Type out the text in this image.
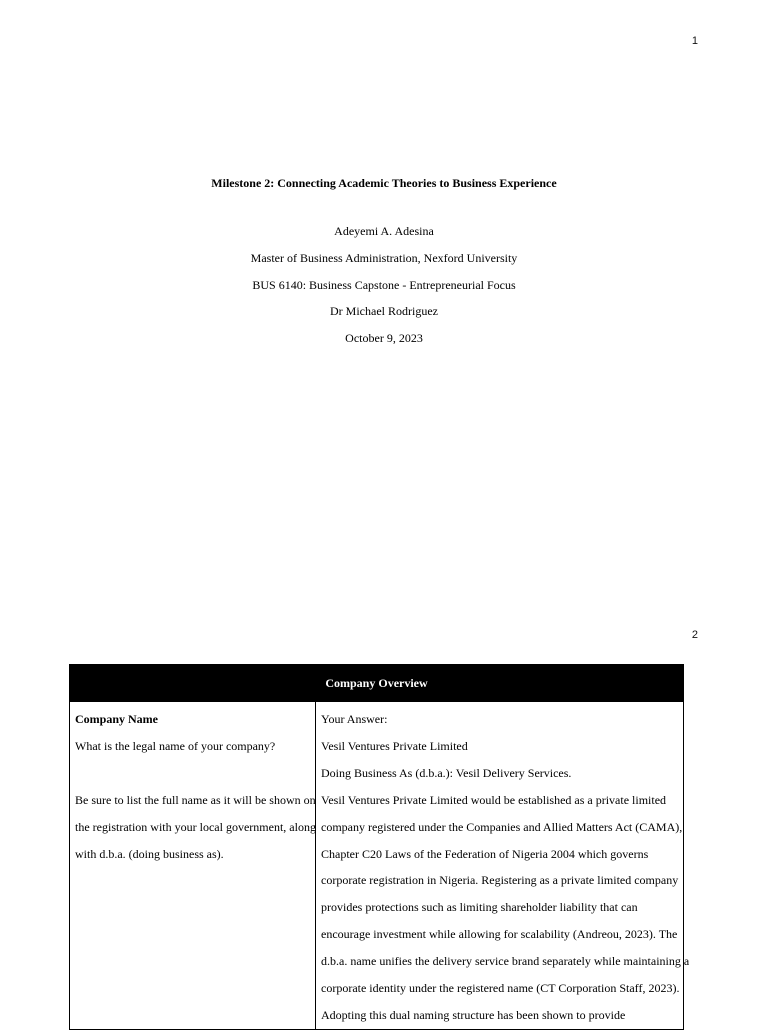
1
Milestone 2: Connecting Academic Theories to Business Experience
Adeyemi A. Adesina
Master of Business Administration, Nexford University
BUS 6140: Business Capstone - Entrepreneurial Focus
Dr Michael Rodriguez
October 9, 2023
2
Company Overview

Company Name
What is the legal name of your company?
Be sure to list the full name as it will be shown on
the registration with your local government, along
with d.b.a. (doing business as).

Your Answer:
Vesil Ventures Private Limited
Doing Business As (d.b.a.): Vesil Delivery Services.
Vesil Ventures Private Limited would be established as a private limited
company registered under the Companies and Allied Matters Act (CAMA),
Chapter C20 Laws of the Federation of Nigeria 2004 which governs
corporate registration in Nigeria. Registering as a private limited company
provides protections such as limiting shareholder liability that can
encourage investment while allowing for scalability (Andreou, 2023). The
d.b.a. name unifies the delivery service brand separately while maintaining a
corporate identity under the registered name (CT Corporation Staff, 2023).
Adopting this dual naming structure has been shown to provide
